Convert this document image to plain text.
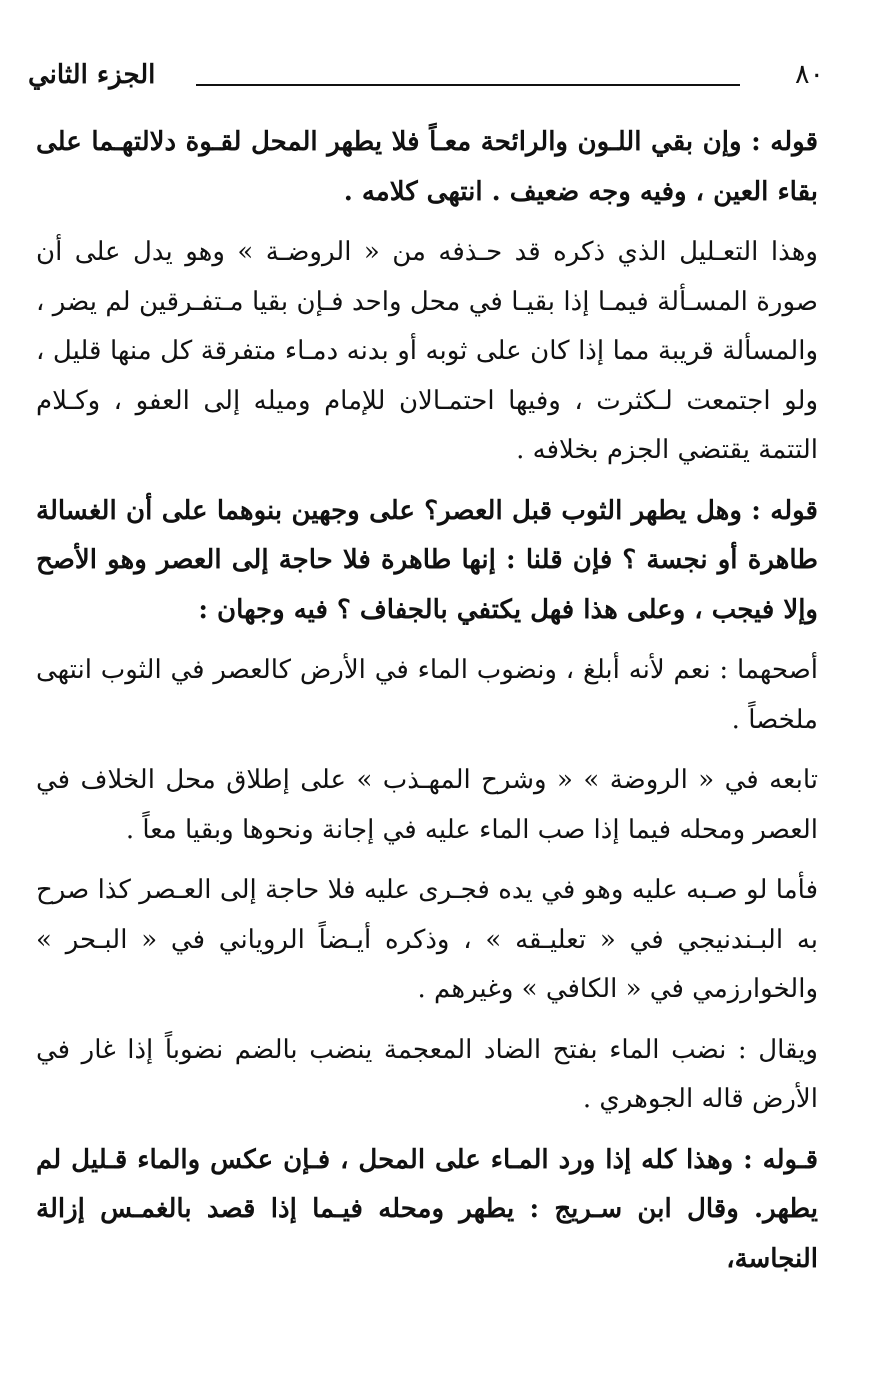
٨٠
الجزء الثاني

قوله : وإن بقي اللـون والرائحة معـاً فلا يطهر المحل لقـوة دلالتهـما على بقاء العين ، وفيه وجه ضعيف . انتهى كلامه .

وهذا التعـليل الذي ذكره قد حـذفه من « الروضـة » وهو يدل على أن صورة المسـألة فيمـا إذا بقيـا في محل واحد فـإن بقيا مـتفـرقين لم يضر ، والمسألة قريبة مما إذا كان على ثوبه أو بدنه دمـاء متفرقة كل منها قليل ، ولو اجتمعت لـكثرت ، وفيها احتمـالان للإمام وميله إلى العفو ، وكـلام التتمة يقتضي الجزم بخلافه .

قوله : وهل يطهر الثوب قبل العصر؟ على وجهين بنوهما على أن الغسالة طاهرة أو نجسة ؟ فإن قلنا : إنها طاهرة فلا حاجة إلى العصر وهو الأصح وإلا فيجب ، وعلى هذا فهل يكتفي بالجفاف ؟ فيه وجهان :

أصحهما : نعم لأنه أبلغ ، ونضوب الماء في الأرض كالعصر في الثوب انتهى ملخصاً .

تابعه في « الروضة » « وشرح المهـذب » على إطلاق محل الخلاف في العصر ومحله فيما إذا صب الماء عليه في إجانة ونحوها وبقيا معاً .

فأما لو صـبه عليه وهو في يده فجـرى عليه فلا حاجة إلى العـصر كذا صرح به البـندنيجي في « تعليـقه » ، وذكره أيـضاً الروياني في « البـحر » والخوارزمي في « الكافي » وغيرهم .

ويقال : نضب الماء بفتح الضاد المعجمة ينضب بالضم نضوباً إذا غار في الأرض قاله الجوهري .

قـوله : وهذا كله إذا ورد المـاء على المحل ، فـإن عكس والماء قـليل لم يطهر. وقال ابن سـريج : يطهر ومحله فيـما إذا قصد بالغمـس إزالة النجاسة،
